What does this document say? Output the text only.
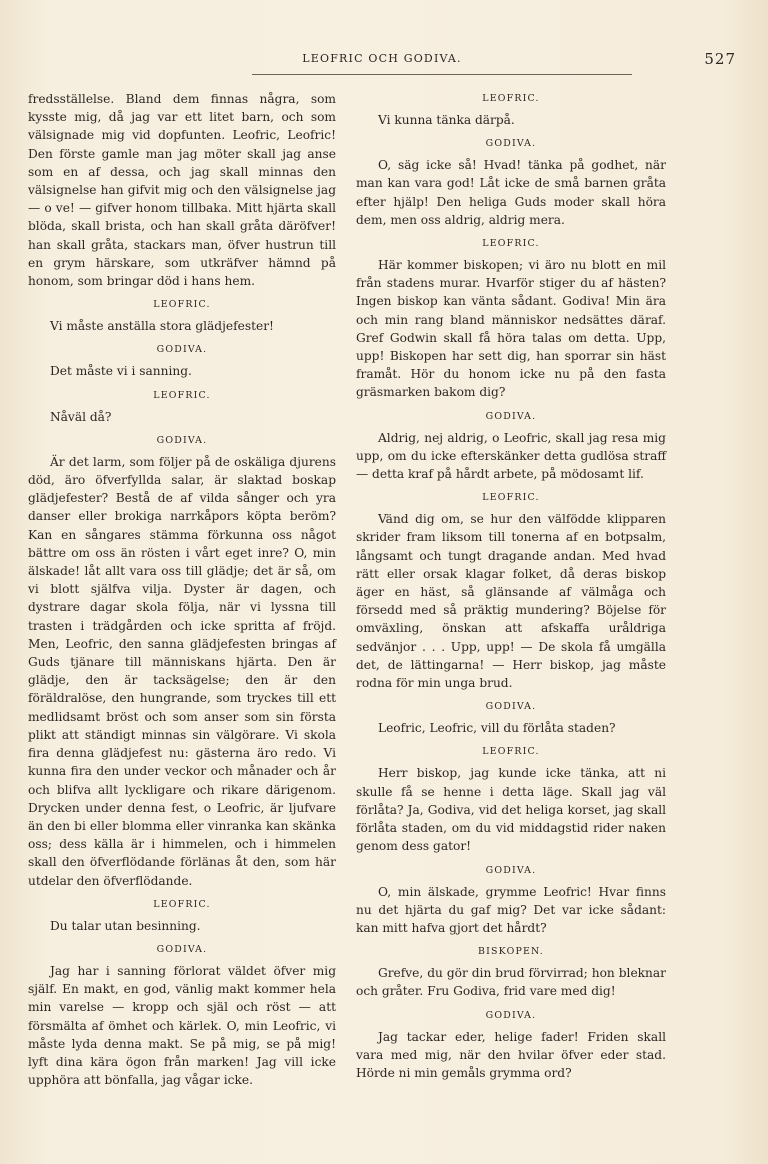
LEOFRIC OCH GODIVA.	527

fredsställelse. Bland dem finnas några, som kysste mig, då jag var ett litet barn, och som välsignade mig vid dopfunten. Leofric, Leofric! Den förste gamle man jag möter skall jag anse som en af dessa, och jag skall minnas den välsignelse han gifvit mig och den välsignelse jag — o ve! — gifver honom tillbaka. Mitt hjärta skall blöda, skall brista, och han skall gråta däröfver! han skall gråta, stackars man, öfver hustrun till en grym härskare, som utkräfver hämnd på honom, som bringar död i hans hem.

LEOFRIC.

Vi måste anställa stora glädjefester!

GODIVA.

Det måste vi i sanning.

LEOFRIC.

Nåväl då?

GODIVA.

Är det larm, som följer på de oskäliga djurens död, äro öfverfyllda salar, är slaktad boskap glädjefester? Bestå de af vilda sånger och yra danser eller brokiga narrkåpors köpta beröm? Kan en sångares stämma förkunna oss något bättre om oss än rösten i vårt eget inre? O, min älskade! låt allt vara oss till glädje; det är så, om vi blott själfva vilja. Dyster är dagen, och dystrare dagar skola följa, när vi lyssna till trasten i trädgården och icke spritta af fröjd. Men, Leofric, den sanna glädjefesten bringas af Guds tjänare till människans hjärta. Den är glädje, den är tacksägelse; den är den föräldralöse, den hungrande, som tryckes till ett medlidsamt bröst och som anser som sin första plikt att ständigt minnas sin välgörare. Vi skola fira denna glädjefest nu: gästerna äro redo. Vi kunna fira den under veckor och månader och år och blifva allt lyckligare och rikare därigenom. Drycken under denna fest, o Leofric, är ljufvare än den bi eller blomma eller vinranka kan skänka oss; dess källa är i himmelen, och i himmelen skall den öfverflödande förlänas åt den, som här utdelar den öfverflödande.

LEOFRIC.

Du talar utan besinning.

GODIVA.

Jag har i sanning förlorat väldet öfver mig själf. En makt, en god, vänlig makt kommer hela min varelse — kropp och själ och röst — att försmälta af ömhet och kärlek. O, min Leofric, vi måste lyda denna makt. Se på mig, se på mig! lyft dina kära ögon från marken! Jag vill icke upphöra att bönfalla, jag vågar icke.

LEOFRIC.

Vi kunna tänka därpå.

GODIVA.

O, säg icke så! Hvad! tänka på godhet, när man kan vara god! Låt icke de små barnen gråta efter hjälp! Den heliga Guds moder skall höra dem, men oss aldrig, aldrig mera.

LEOFRIC.

Här kommer biskopen; vi äro nu blott en mil från stadens murar. Hvarför stiger du af hästen? Ingen biskop kan vänta sådant. Godiva! Min ära och min rang bland människor nedsättes däraf. Gref Godwin skall få höra talas om detta. Upp, upp! Biskopen har sett dig, han sporrar sin häst framåt. Hör du honom icke nu på den fasta gräsmarken bakom dig?

GODIVA.

Aldrig, nej aldrig, o Leofric, skall jag resa mig upp, om du icke efterskänker detta gudlösa straff — detta kraf på hårdt arbete, på mödosamt lif.

LEOFRIC.

Vänd dig om, se hur den välfödde klipparen skrider fram liksom till tonerna af en botpsalm, långsamt och tungt dragande andan. Med hvad rätt eller orsak klagar folket, då deras biskop äger en häst, så glänsande af välmåga och försedd med så präktig mundering? Böjelse för omväxling, önskan att afskaffa uråldriga sedvänjor . . . Upp, upp! — De skola få umgälla det, de lättingarna! — Herr biskop, jag måste rodna för min unga brud.

GODIVA.

Leofric, Leofric, vill du förlåta staden?

LEOFRIC.

Herr biskop, jag kunde icke tänka, att ni skulle få se henne i detta läge. Skall jag väl förlåta? Ja, Godiva, vid det heliga korset, jag skall förlåta staden, om du vid middagstid rider naken genom dess gator!

GODIVA.

O, min älskade, grymme Leofric! Hvar finns nu det hjärta du gaf mig? Det var icke sådant: kan mitt hafva gjort det hårdt?

BISKOPEN.

Grefve, du gör din brud förvirrad; hon bleknar och gråter. Fru Godiva, frid vare med dig!

GODIVA.

Jag tackar eder, helige fader! Friden skall vara med mig, när den hvilar öfver eder stad. Hörde ni min gemåls grymma ord?
